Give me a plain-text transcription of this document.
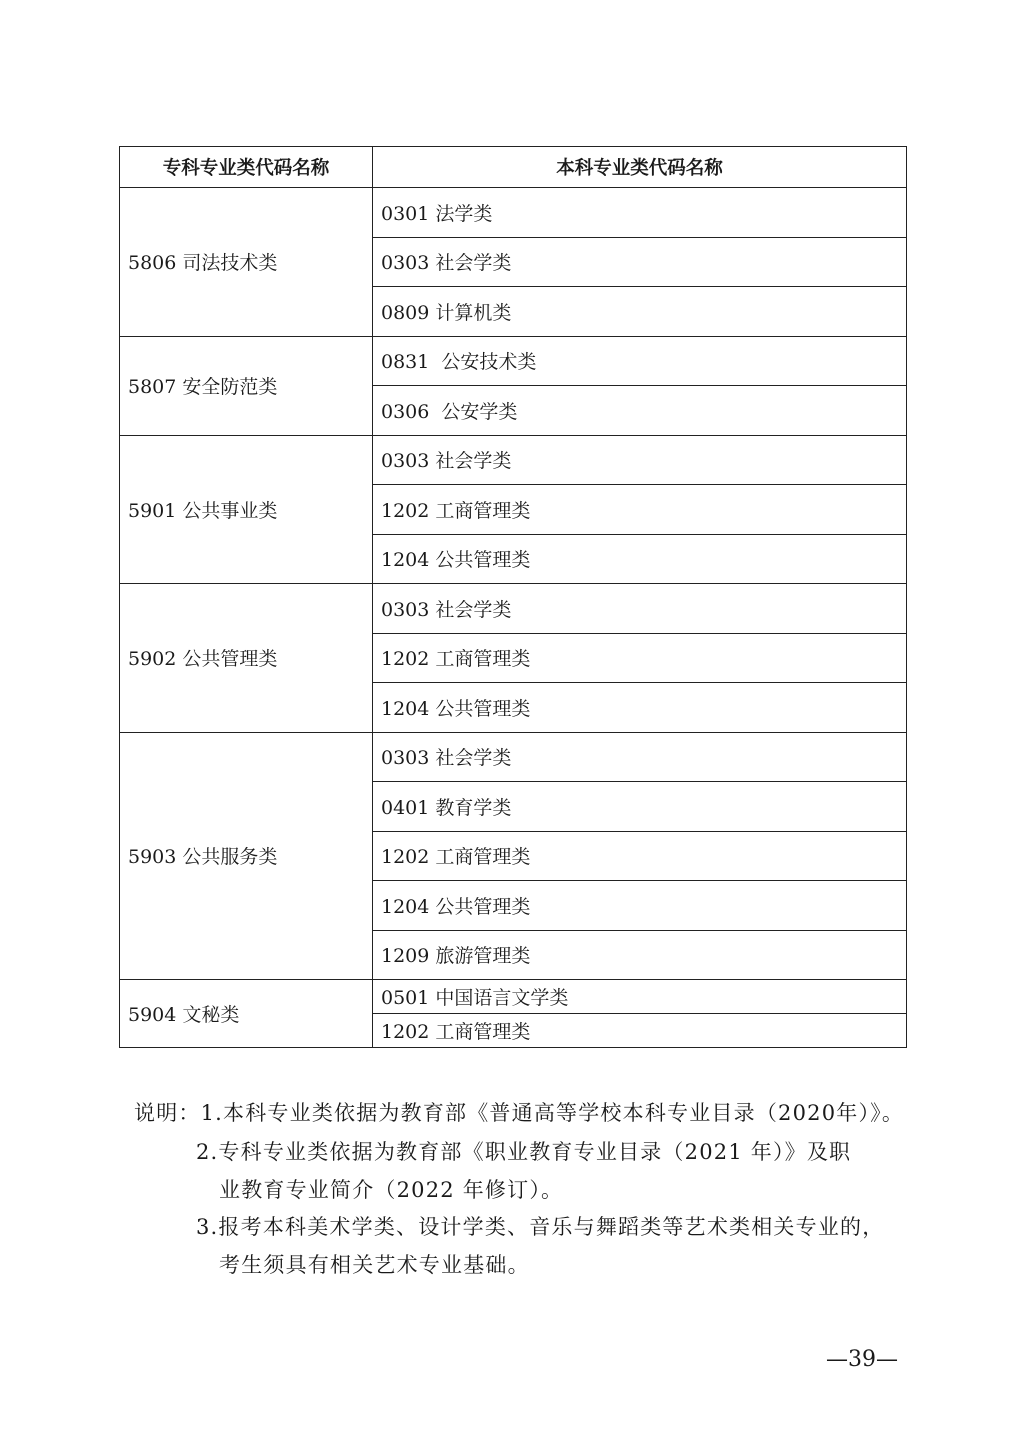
专科专业类代码名称	本科专业类代码名称
5806 司法技术类	0301 法学类
	0303 社会学类
	0809 计算机类
5807 安全防范类	0831  公安技术类
	0306  公安学类
5901 公共事业类	0303 社会学类
	1202 工商管理类
	1204 公共管理类
5902 公共管理类	0303 社会学类
	1202 工商管理类
	1204 公共管理类
5903 公共服务类	0303 社会学类
	0401 教育学类
	1202 工商管理类
	1204 公共管理类
	1209 旅游管理类
5904 文秘类	0501 中国语言文学类
	1202 工商管理类
说明：1.本科专业类依据为教育部《普通高等学校本科专业目录（2020年）》。
2.专科专业类依据为教育部《职业教育专业目录（2021 年）》及职
业教育专业简介（2022 年修订）。
3.报考本科美术学类、设计学类、音乐与舞蹈类等艺术类相关专业的，
考生须具有相关艺术专业基础。
—39—
